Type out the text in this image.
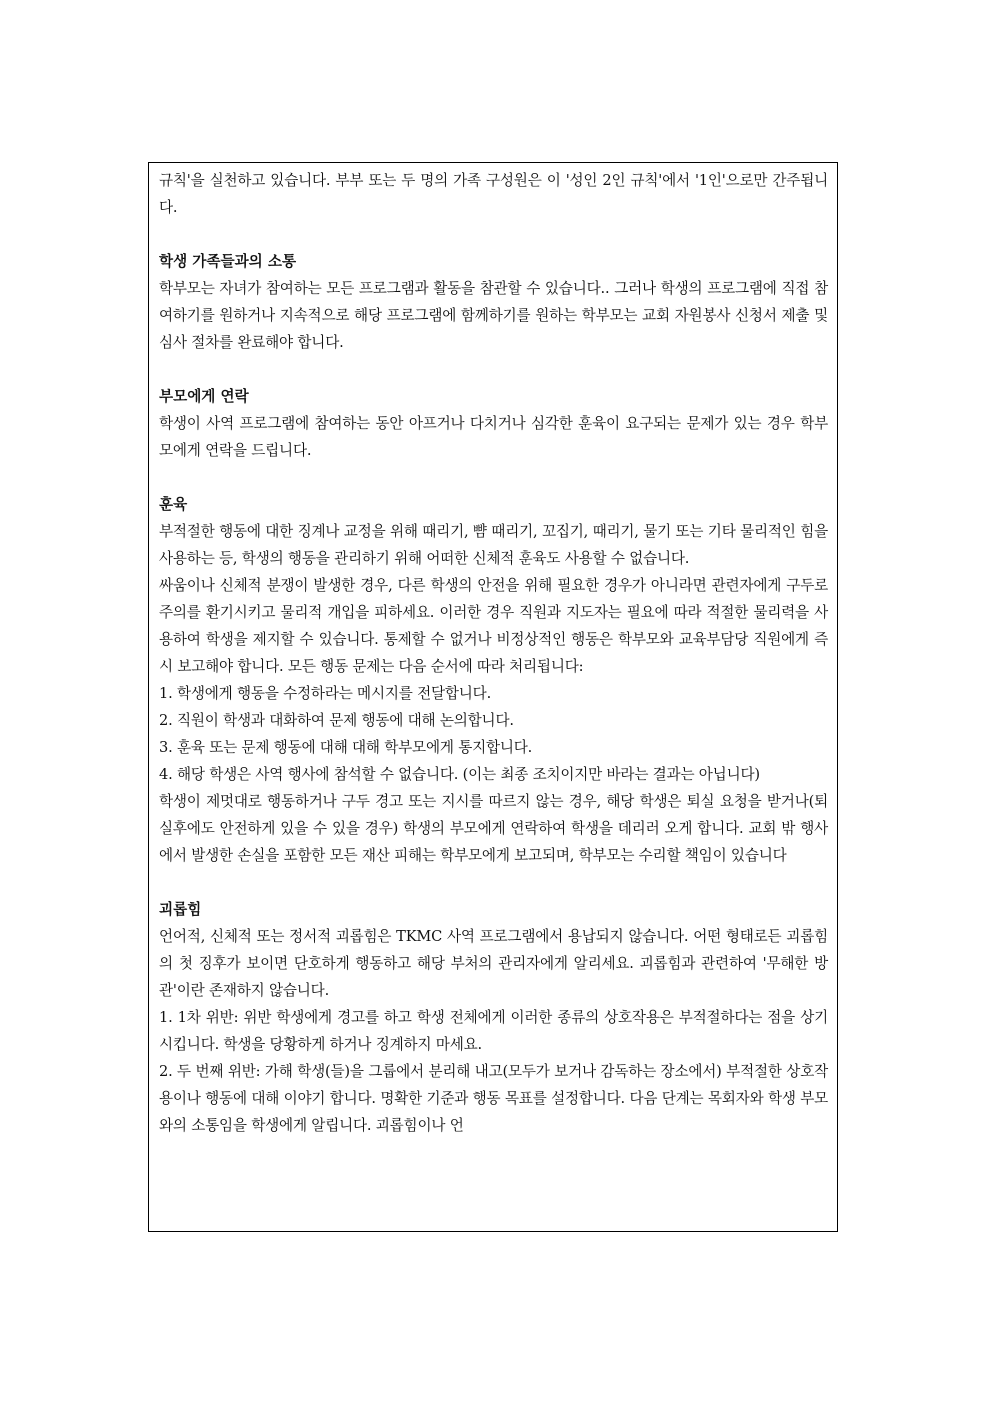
규칙'을 실천하고 있습니다. 부부 또는 두 명의 가족 구성원은 이 '성인 2인 규칙'에서 '1인'으로만 간주됩니다.

학생 가족들과의 소통

학부모는 자녀가 참여하는 모든 프로그램과 활동을 참관할 수 있습니다.. 그러나 학생의 프로그램에 직접 참여하기를 원하거나 지속적으로 해당 프로그램에 함께하기를 원하는 학부모는 교회 자원봉사 신청서 제출 및 심사 절차를 완료해야 합니다.

부모에게 연락

학생이 사역 프로그램에 참여하는 동안 아프거나 다치거나 심각한 훈육이 요구되는 문제가 있는 경우 학부모에게 연락을 드립니다.

훈육

부적절한 행동에 대한 징계나 교정을 위해 때리기, 뺨 때리기, 꼬집기, 때리기, 물기 또는 기타 물리적인 힘을 사용하는 등, 학생의 행동을 관리하기 위해 어떠한 신체적 훈육도 사용할 수 없습니다.

싸움이나 신체적 분쟁이 발생한 경우, 다른 학생의 안전을 위해 필요한 경우가 아니라면 관련자에게 구두로 주의를 환기시키고 물리적 개입을 피하세요. 이러한 경우 직원과 지도자는 필요에 따라 적절한 물리력을 사용하여 학생을 제지할 수 있습니다. 통제할 수 없거나 비정상적인 행동은 학부모와 교육부담당 직원에게 즉시 보고해야 합니다. 모든 행동 문제는 다음 순서에 따라 처리됩니다:

1. 학생에게 행동을 수정하라는 메시지를 전달합니다.

2. 직원이 학생과 대화하여 문제 행동에 대해 논의합니다.

3. 훈육 또는 문제 행동에 대해 대해 학부모에게 통지합니다.

4. 해당 학생은 사역 행사에 참석할 수 없습니다. (이는 최종 조치이지만 바라는 결과는 아닙니다)

학생이 제멋대로 행동하거나 구두 경고 또는 지시를 따르지 않는 경우, 해당 학생은 퇴실 요청을 받거나(퇴실후에도 안전하게 있을 수 있을 경우) 학생의 부모에게 연락하여 학생을 데리러 오게 합니다. 교회 밖 행사에서 발생한 손실을 포함한 모든 재산 피해는 학부모에게 보고되며, 학부모는 수리할 책임이 있습니다

괴롭힘

언어적, 신체적 또는 정서적 괴롭힘은 TKMC 사역 프로그램에서 용납되지 않습니다. 어떤 형태로든 괴롭힘의 첫 징후가 보이면 단호하게 행동하고 해당 부처의 관리자에게 알리세요. 괴롭힘과 관련하여 '무해한 방관'이란 존재하지 않습니다.

1. 1차 위반: 위반 학생에게 경고를 하고 학생 전체에게 이러한 종류의 상호작용은 부적절하다는 점을 상기시킵니다. 학생을 당황하게 하거나 징계하지 마세요.

2. 두 번째 위반: 가해 학생(들)을 그룹에서 분리해 내고(모두가 보거나 감독하는 장소에서) 부적절한 상호작용이나 행동에 대해 이야기 합니다. 명확한 기준과 행동 목표를 설정합니다. 다음 단계는 목회자와 학생 부모와의 소통임을 학생에게 알립니다. 괴롭힘이나 언
